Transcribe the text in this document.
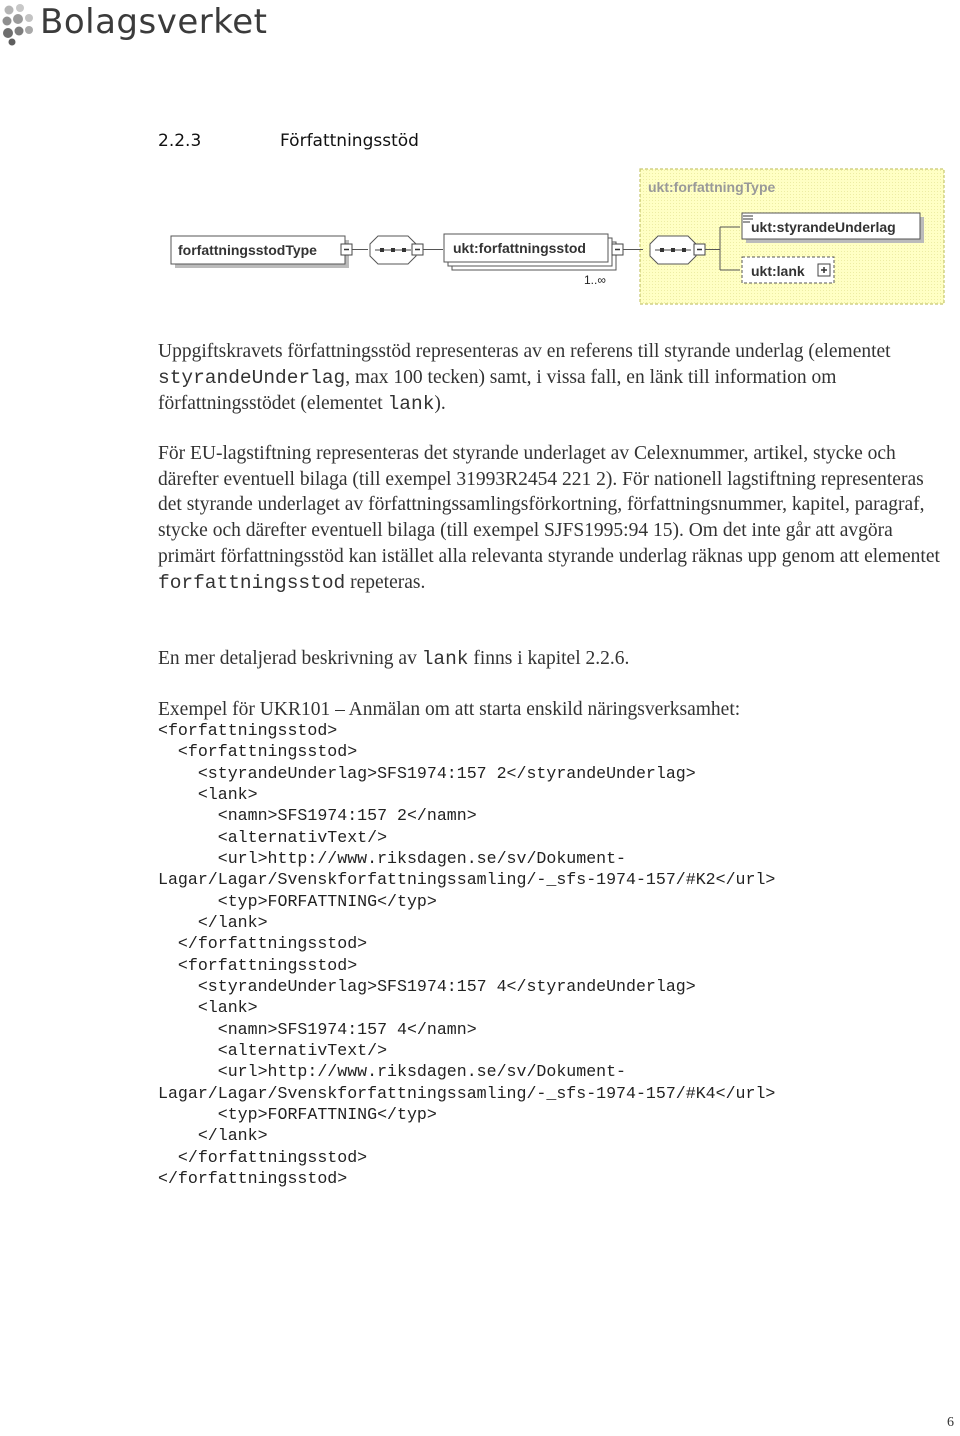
Bolagsverket
2.2.3	Författningsstöd
ukt:forfattningType
forfattningsstodType	ukt:forfattningsstod
1..∞
ukt:styrandeUnderlag
ukt:lank

Uppgiftskravets författningsstöd representeras av en referens till styrande underlag (elementet styrandeUnderlag, max 100 tecken) samt, i vissa fall, en länk till information om författningsstödet (elementet lank).

För EU-lagstiftning representeras det styrande underlaget av Celexnummer, artikel, stycke och därefter eventuell bilaga (till exempel 31993R2454 221 2). För nationell lagstiftning representeras det styrande underlaget av författningssamlingsförkortning, författningsnummer, kapitel, paragraf, stycke och därefter eventuell bilaga (till exempel SJFS1995:94 15). Om det inte går att avgöra primärt författningsstöd kan istället alla relevanta styrande underlag räknas upp genom att elementet forfattningsstod repeteras.

En mer detaljerad beskrivning av lank finns i kapitel 2.2.6.

Exempel för UKR101 – Anmälan om att starta enskild näringsverksamhet:

<forfattningsstod>
<forfattningsstod>
<styrandeUnderlag>SFS1974:157 2</styrandeUnderlag>
<lank>
<namn>SFS1974:157 2</namn>
<alternativText/>
<url>http://www.riksdagen.se/sv/Dokument-
Lagar/Lagar/Svenskforfattningssamling/-_sfs-1974-157/#K2</url>
<typ>FORFATTNING</typ>
</lank>
</forfattningsstod>
<forfattningsstod>
<styrandeUnderlag>SFS1974:157 4</styrandeUnderlag>
<lank>
<namn>SFS1974:157 4</namn>
<alternativText/>
<url>http://www.riksdagen.se/sv/Dokument-
Lagar/Lagar/Svenskforfattningssamling/-_sfs-1974-157/#K4</url>
<typ>FORFATTNING</typ>
</lank>
</forfattningsstod>
</forfattningsstod>
6
